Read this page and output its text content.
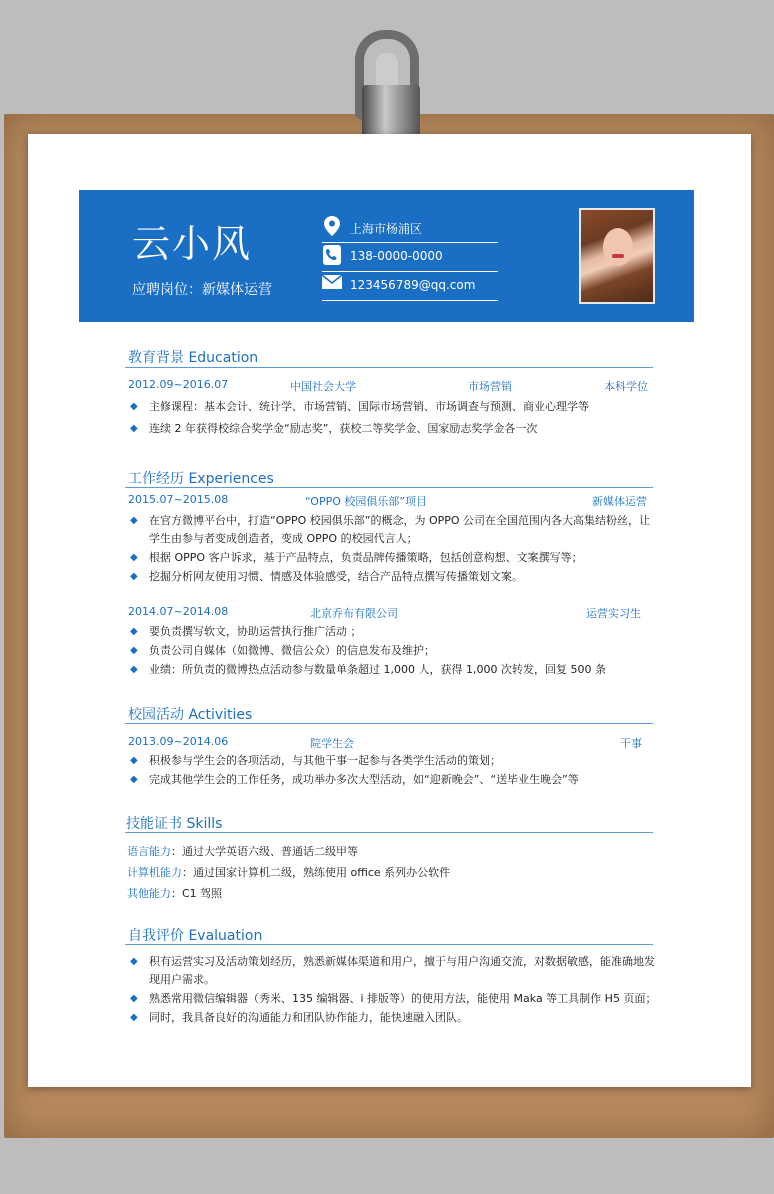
云小风
应聘岗位：新媒体运营
上海市杨浦区
138-0000-0000
123456789@qq.com
教育背景 Education
2012.09~2016.07	中国社会大学	市场营销	本科学位
◆ 主修课程：基本会计、统计学、市场营销、国际市场营销、市场调查与预测、商业心理学等
◆ 连续 2 年获得校综合奖学金“励志奖”，获校二等奖学金、国家励志奖学金各一次
工作经历 Experiences
2015.07~2015.08	“OPPO 校园俱乐部”项目	新媒体运营
◆ 在官方微博平台中，打造“OPPO 校园俱乐部”的概念，为 OPPO 公司在全国范围内各大高集结粉丝，让学生由参与者变成创造者，变成 OPPO 的校园代言人；
◆ 根据 OPPO 客户诉求，基于产品特点，负责品牌传播策略，包括创意构想、文案撰写等；
◆ 挖掘分析网友使用习惯、情感及体验感受，结合产品特点撰写传播策划文案。
2014.07~2014.08	北京乔布有限公司	运营实习生
◆ 要负责撰写软文，协助运营执行推广活动 ；
◆ 负责公司自媒体（如微博、微信公众）的信息发布及维护；
◆ 业绩：所负责的微博热点活动参与数量单条超过 1,000 人，获得 1,000 次转发，回复 500 条
校园活动 Activities
2013.09~2014.06	院学生会	干事
◆ 积极参与学生会的各项活动，与其他干事一起参与各类学生活动的策划；
◆ 完成其他学生会的工作任务，成功举办多次大型活动，如“迎新晚会”、“送毕业生晚会”等
技能证书 Skills
语言能力：通过大学英语六级、普通话二级甲等
计算机能力：通过国家计算机二级，熟练使用 office 系列办公软件
其他能力：C1 驾照
自我评价 Evaluation
◆ 积有运营实习及活动策划经历，熟悉新媒体渠道和用户，擅于与用户沟通交流，对数据敏感，能准确地发现用户需求。
◆ 熟悉常用微信编辑器（秀米、135 编辑器、i 排版等）的使用方法，能使用 Maka 等工具制作 H5 页面；
◆ 同时，我具备良好的沟通能力和团队协作能力，能快速融入团队。
